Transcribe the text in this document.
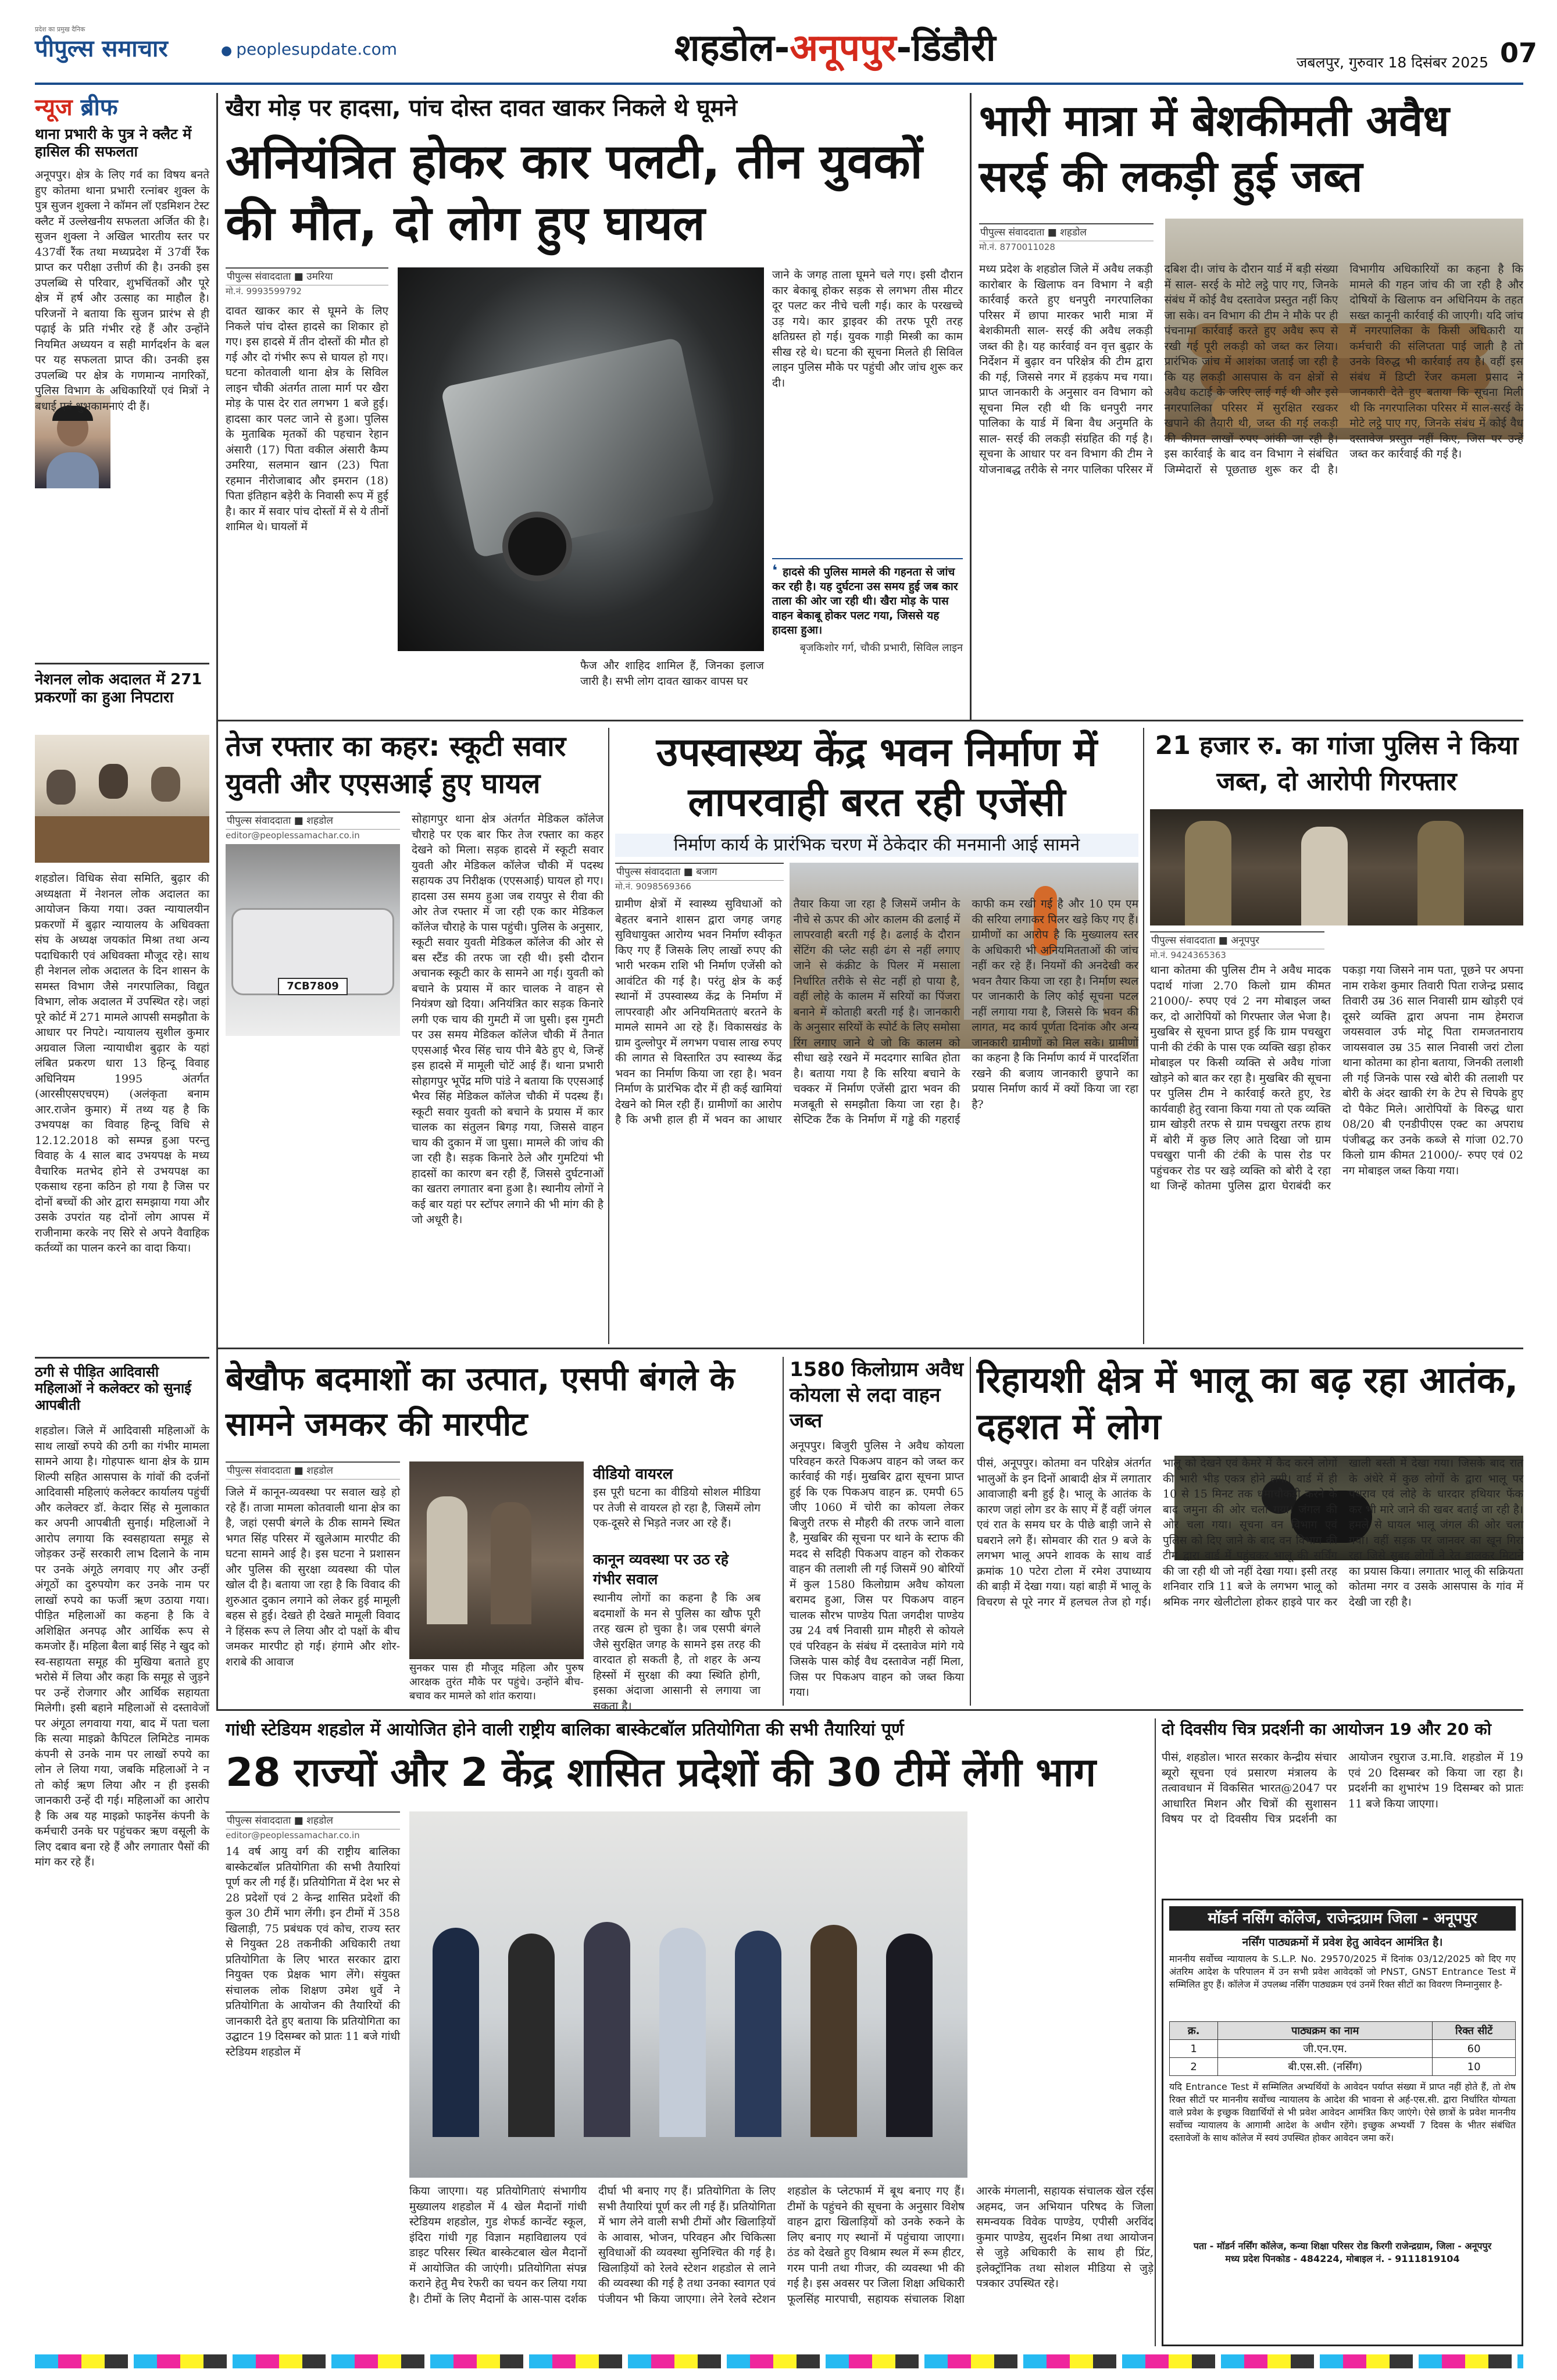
प्रदेश का प्रमुख दैनिक
पीपुल्स समाचार	● peoplesupdate.com	शहडोल-अनूपपुर-डिंडौरी	जबलपुर, गुरुवार 18 दिसंबर 2025 07
न्यूज ब्रीफ
थाना प्रभारी के पुत्र ने क्लैट में हासिल की सफलता
अनूपपुर। क्षेत्र के लिए गर्व का विषय बनते हुए कोतमा थाना प्रभारी रत्नांबर शुक्ल के पुत्र सुजन शुक्ला ने कॉमन लॉ एडमिशन टेस्ट क्लैट में उल्लेखनीय सफलता अर्जित की है। सुजन शुक्ला ने अखिल भारतीय स्तर पर 437वीं रैंक तथा मध्यप्रदेश में 37वीं रैंक प्राप्त कर परीक्षा उत्तीर्ण की है। उनकी इस उपलब्धि से परिवार, शुभचिंतकों और पूरे क्षेत्र में हर्ष और उत्साह का माहौल है। परिजनों ने बताया कि सुजन प्रारंभ से ही पढ़ाई के प्रति गंभीर रहे हैं और उन्होंने नियमित अध्ययन व सही मार्गदर्शन के बल पर यह सफलता प्राप्त की। उनकी इस उपलब्धि पर क्षेत्र के गणमान्य नागरिकों, पुलिस विभाग के अधिकारियों एवं मित्रों ने बधाई एवं शुभकामनाएं दी हैं।
नेशनल लोक अदालत में 271 प्रकरणों का हुआ निपटारा
शहडोल। विधिक सेवा समिति, बुढ़ार की अध्यक्षता में नेशनल लोक अदालत का आयोजन किया गया। उक्त न्यायालयीन प्रकरणों में बुढ़ार न्यायालय के अधिवक्ता संघ के अध्यक्ष जयकांत मिश्रा तथा अन्य पदाधिकारी एवं अधिवक्ता मौजूद रहे। साथ ही नेशनल लोक अदालत के दिन शासन के समस्त विभाग जैसे नगरपालिका, विद्युत विभाग, लोक अदालत में उपस्थित रहे। जहां पूरे कोर्ट में 271 मामले आपसी समझौता के आधार पर निपटे। न्यायालय सुशील कुमार अग्रवाल जिला न्यायाधीश बुढ़ार के यहां लंबित प्रकरण धारा 13 हिन्दू विवाह अधिनियम 1995 अंतर्गत (आरसीएसएचएम) (अलंकृता बनाम आर.राजेन कुमार) में तथ्य यह है कि उभयपक्ष का विवाह हिन्दू विधि से 12.12.2018 को सम्पन्न हुआ परन्तु विवाह के 4 साल बाद उभयपक्ष के मध्य वैचारिक मतभेद होने से उभयपक्ष का एकसाथ रहना कठिन हो गया है जिस पर दोनों बच्चों की ओर द्वारा समझाया गया और उसके उपरांत यह दोनों लोग आपस में राजीनामा करके नए सिरे से अपने वैवाहिक कर्तव्यों का पालन करने का वादा किया।
ठगी से पीड़ित आदिवासी महिलाओं ने कलेक्टर को सुनाई आपबीती
शहडोल। जिले में आदिवासी महिलाओं के साथ लाखों रुपये की ठगी का गंभीर मामला सामने आया है। गोहपारू थाना क्षेत्र के ग्राम शिल्पी सहित आसपास के गांवों की दर्जनों आदिवासी महिलाएं कलेक्टर कार्यालय पहुंचीं और कलेक्टर डॉ. केदार सिंह से मुलाकात कर अपनी आपबीती सुनाई। महिलाओं ने आरोप लगाया कि स्वसहायता समूह से जोड़कर उन्हें सरकारी लाभ दिलाने के नाम पर उनके अंगूठे लगवाए गए और उन्हीं अंगूठों का दुरुपयोग कर उनके नाम पर लाखों रुपये का फर्जी ऋण उठाया गया। पीड़ित महिलाओं का कहना है कि वे अशिक्षित अनपढ़ और आर्थिक रूप से कमजोर हैं। महिला बैला बाई सिंह ने खुद को स्व-सहायता समूह की मुखिया बताते हुए भरोसे में लिया और कहा कि समूह से जुड़ने पर उन्हें रोजगार और आर्थिक सहायता मिलेगी। इसी बहाने महिलाओं से दस्तावेजों पर अंगूठा लगवाया गया, बाद में पता चला कि सत्या माइक्रो कैपिटल लिमिटेड नामक कंपनी से उनके नाम पर लाखों रुपये का लोन ले लिया गया, जबकि महिलाओं ने न तो कोई ऋण लिया और न ही इसकी जानकारी उन्हें दी गई। महिलाओं का आरोप है कि अब यह माइक्रो फाइनेंस कंपनी के कर्मचारी उनके घर पहुंचकर ऋण वसूली के लिए दबाव बना रहे हैं और लगातार पैसों की मांग कर रहे हैं।
खैरा मोड़ पर हादसा, पांच दोस्त दावत खाकर निकले थे घूमने
अनियंत्रित होकर कार पलटी, तीन युवकों की मौत, दो लोग हुए घायल
पीपुल्स संवाददाता ■ उमरिया
मो.नं. 9993599792
दावत खाकर कार से घूमने के लिए निकले पांच दोस्त हादसे का शिकार हो गए। इस हादसे में तीन दोस्तों की मौत हो गई और दो गंभीर रूप से घायल हो गए। घटना कोतवाली थाना क्षेत्र के सिविल लाइन चौकी अंतर्गत ताला मार्ग पर खैरा मोड़ के पास देर रात लगभग 1 बजे हुई। हादसा कार पलट जाने से हुआ। पुलिस के मुताबिक मृतकों की पहचान रेहान अंसारी (17) पिता वकील अंसारी कैम्प उमरिया, सलमान खान (23) पिता रहमान नीरोजाबाद और इमरान (18) पिता इंतिहान बड़ेरी के निवासी रूप में हुई है। कार में सवार पांच दोस्तों में से ये तीनों शामिल थे। घायलों में
फैज और शाहिद शामिल हैं, जिनका इलाज जारी है। सभी लोग दावत खाकर वापस घर
जाने के जगह ताला घूमने चले गए। इसी दौरान कार बेकाबू होकर सड़क से लगभग तीस मीटर दूर पलट कर नीचे चली गई। कार के परखच्चे उड़ गये। कार ड्राइवर की तरफ पूरी तरह क्षतिग्रस्त हो गई। युवक गाड़ी मिस्त्री का काम सीख रहे थे। घटना की सूचना मिलते ही सिविल लाइन पुलिस मौके पर पहुंची और जांच शुरू कर दी।
❛ हादसे की पुलिस मामले की गहनता से जांच कर रही है। यह दुर्घटना उस समय हुई जब कार ताला की ओर जा रही थी। खैरा मोड़ के पास वाहन बेकाबू होकर पलट गया, जिससे यह हादसा हुआ।
बृजकिशोर गर्ग, चौकी प्रभारी, सिविल लाइन
भारी मात्रा में बेशकीमती अवैध सरई की लकड़ी हुई जब्त
पीपुल्स संवाददाता ■ शहडोल
मो.नं. 8770011028
मध्य प्रदेश के शहडोल जिले में अवैध लकड़ी कारोबार के खिलाफ वन विभाग ने बड़ी कार्रवाई करते हुए धनपुरी नगरपालिका परिसर में छापा मारकर भारी मात्रा में बेशकीमती साल- सरई की अवैध लकड़ी जब्त की है। यह कार्रवाई वन वृत्त बुढ़ार के निर्देशन में बुढ़ार वन परिक्षेत्र की टीम द्वारा की गई, जिससे नगर में हड़कंप मच गया। प्राप्त जानकारी के अनुसार वन विभाग को सूचना मिल रही थी कि धनपुरी नगर पालिका के यार्ड में बिना वैध अनुमति के साल- सरई की लकड़ी संग्रहित की गई है। सूचना के आधार पर वन विभाग की टीम ने योजनाबद्ध तरीके से नगर पालिका परिसर में दबिश दी। जांच के दौरान यार्ड में बड़ी संख्या में साल- सरई के मोटे लट्ठे पाए गए, जिनके संबंध में कोई वैध दस्तावेज प्रस्तुत नहीं किए जा सके। वन विभाग की टीम ने मौके पर ही पंचनामा कार्रवाई करते हुए अवैध रूप से रखी गई पूरी लकड़ी को जब्त कर लिया। प्रारंभिक जांच में आशंका जताई जा रही है कि यह लकड़ी आसपास के वन क्षेत्रों से अवैध कटाई के जरिए लाई गई थी और इसे नगरपालिका परिसर में सुरक्षित रखकर खपाने की तैयारी थी, जब्त की गई लकड़ी की कीमत लाखों रुपए आंकी जा रही है। इस कार्रवाई के बाद वन विभाग ने संबंधित जिम्मेदारों से पूछताछ शुरू कर दी है। विभागीय अधिकारियों का कहना है कि मामले की गहन जांच की जा रही है और दोषियों के खिलाफ वन अधिनियम के तहत सख्त कानूनी कार्रवाई की जाएगी। यदि जांच में नगरपालिका के किसी अधिकारी या कर्मचारी की संलिप्तता पाई जाती है तो उनके विरुद्ध भी कार्रवाई तय है। वहीं इस संबंध में डिप्टी रेंजर कमला प्रसाद ने जानकारी देते हुए बताया कि सूचना मिली थी कि नगरपालिका परिसर में साल-सरई के मोटे लट्ठे पाए गए, जिनके संबंध में कोई वैध दस्तावेज प्रस्तुत नहीं किए, जिस पर उन्हें जब्त कर कार्रवाई की गई है।
तेज रफ्तार का कहर: स्कूटी सवार युवती और एएसआई हुए घायल
पीपुल्स संवाददाता ■ शहडोल
editor@peoplessamachar.co.in
7CB7809
सोहागपुर थाना क्षेत्र अंतर्गत मेडिकल कॉलेज चौराहे पर एक बार फिर तेज रफ्तार का कहर देखने को मिला। सड़क हादसे में स्कूटी सवार युवती और मेडिकल कॉलेज चौकी में पदस्थ सहायक उप निरीक्षक (एएसआई) घायल हो गए। हादसा उस समय हुआ जब रायपुर से रीवा की ओर तेज रफ्तार में जा रही एक कार मेडिकल कॉलेज चौराहे के पास पहुंची। पुलिस के अनुसार, स्कूटी सवार युवती मेडिकल कॉलेज की ओर से बस स्टैंड की तरफ जा रही थी। इसी दौरान अचानक स्कूटी कार के सामने आ गई। युवती को बचाने के प्रयास में कार चालक ने वाहन से नियंत्रण खो दिया। अनियंत्रित कार सड़क किनारे लगी एक चाय की गुमटी में जा घुसी। इस गुमटी पर उस समय मेडिकल कॉलेज चौकी में तैनात एएसआई भैरव सिंह चाय पीने बैठे हुए थे, जिन्हें इस हादसे में मामूली चोटें आई हैं। थाना प्रभारी सोहागपुर भूपेंद्र मणि पांडे ने बताया कि एएसआई भैरव सिंह मेडिकल कॉलेज चौकी में पदस्थ हैं। स्कूटी सवार युवती को बचाने के प्रयास में कार चालक का संतुलन बिगड़ गया, जिससे वाहन चाय की दुकान में जा घुसा। मामले की जांच की जा रही है। सड़क किनारे ठेले और गुमटियां भी हादसों का कारण बन रही हैं, जिससे दुर्घटनाओं का खतरा लगातार बना हुआ है। स्थानीय लोगों ने कई बार यहां पर स्टॉपर लगाने की भी मांग की है जो अधूरी है।
उपस्वास्थ्य केंद्र भवन निर्माण में लापरवाही बरत रही एजेंसी
निर्माण कार्य के प्रारंभिक चरण में ठेकेदार की मनमानी आई सामने
पीपुल्स संवाददाता ■ बजाग
मो.नं. 9098569366
ग्रामीण क्षेत्रों में स्वास्थ्य सुविधाओं को बेहतर बनाने शासन द्वारा जगह जगह सुविधायुक्त आरोग्य भवन निर्माण स्वीकृत किए गए हैं जिसके लिए लाखों रुपए की भारी भरकम राशि भी निर्माण एजेंसी को आवंटित की गई है। परंतु क्षेत्र के कई स्थानों में उपस्वास्थ्य केंद्र के निर्माण में लापरवाही और अनियमितताएं बरतने के मामले सामने आ रहे हैं। विकासखंड के ग्राम दुल्लोपुर में लगभग पचास लाख रुपए की लागत से विस्तारित उप स्वास्थ्य केंद्र भवन का निर्माण किया जा रहा है। भवन निर्माण के प्रारंभिक दौर में ही कई खामियां देखने को मिल रही हैं। ग्रामीणों का आरोप है कि अभी हाल ही में भवन का आधार तैयार किया जा रहा है जिसमें जमीन के नीचे से ऊपर की ओर कालम की ढलाई में लापरवाही बरती गई है। ढलाई के दौरान सेंटिंग की प्लेट सही ढंग से नहीं लगाए जाने से कंक्रीट के पिलर में मसाला निर्धारित तरीके से सेट नहीं हो पाया है, वहीं लोहे के कालम में सरियों का पिंजरा बनाने में कोताही बरती गई है। जानकारी के अनुसार सरियों के स्पोर्ट के लिए समोसा रिंग लगाए जाने थे जो कि कालम को सीधा खड़े रखने में मददगार साबित होता है। बताया गया है कि सरिया बचाने के चक्कर में निर्माण एजेंसी द्वारा भवन की मजबूती से समझौता किया जा रहा है। सेप्टिक टैंक के निर्माण में गड्ढे की गहराई काफी कम रखी गई है और 10 एम एम की सरिया लगाकर पिलर खड़े किए गए हैं। ग्रामीणों का आरोप है कि मुख्यालय स्तर के अधिकारी भी अनियमितताओं की जांच नहीं कर रहे हैं। नियमों की अनदेखी कर भवन तैयार किया जा रहा है। निर्माण स्थल पर जानकारी के लिए कोई सूचना पटल नहीं लगाया गया है, जिससे कि भवन की लागत, मद कार्य पूर्णता दिनांक और अन्य जानकारी ग्रामीणों को मिल सके। ग्रामीणों का कहना है कि निर्माण कार्य में पारदर्शिता रखने की बजाय जानकारी छुपाने का प्रयास निर्माण कार्य में क्यों किया जा रहा है?
21 हजार रु. का गांजा पुलिस ने किया जब्त, दो आरोपी गिरफ्तार
पीपुल्स संवाददाता ■ अनूपपुर
मो.नं. 9424365363
थाना कोतमा की पुलिस टीम ने अवैध मादक पदार्थ गांजा 2.70 किलो ग्राम कीमत 21000/- रुपए एवं 2 नग मोबाइल जब्त कर, दो आरोपियों को गिरफ्तार जेल भेजा है। मुखबिर से सूचना प्राप्त हुई कि ग्राम पचखुरा पानी की टंकी के पास एक व्यक्ति खड़ा होकर मोबाइल पर किसी व्यक्ति से अवैध गांजा खोड़ने को बात कर रहा है। मुखबिर की सूचना पर पुलिस टीम ने कार्रवाई करते हुए, रेड कार्यवाही हेतु रवाना किया गया तो एक व्यक्ति ग्राम खोड़री तरफ से ग्राम पचखुरा तरफ हाथ में बोरी में कुछ लिए आते दिखा जो ग्राम पचखुरा पानी की टंकी के पास रोड पर पहुंचकर रोड पर खड़े व्यक्ति को बोरी दे रहा था जिन्हें कोतमा पुलिस द्वारा घेराबंदी कर पकड़ा गया जिसने नाम पता, पूछने पर अपना नाम राकेश कुमार तिवारी पिता राजेन्द्र प्रसाद तिवारी उम्र 36 साल निवासी ग्राम खोड़री एवं दूसरे व्यक्ति द्वारा अपना नाम हेमराज जयसवाल उर्फ मोटू पिता रामजतनाराय जायसवाल उम्र 35 साल निवासी जरां टोला थाना कोतमा का होना बताया, जिनकी तलाशी ली गई जिनके पास रखे बोरी की तलाशी पर बोरी के अंदर खाकी रंग के टेप से चिपके हुए दो पैकेट मिले। आरोपियों के विरुद्ध धारा 08/20 बी एनडीपीएस एक्ट का अपराध पंजीबद्ध कर उनके कब्जे से गांजा 02.70 किलो ग्राम कीमत 21000/- रुपए एवं 02 नग मोबाइल जब्त किया गया।
बेखौफ बदमाशों का उत्पात, एसपी बंगले के सामने जमकर की मारपीट
पीपुल्स संवाददाता ■ शहडोल
जिले में कानून-व्यवस्था पर सवाल खड़े हो रहे हैं। ताजा मामला कोतवाली थाना क्षेत्र का है, जहां एसपी बंगले के ठीक सामने स्थित भगत सिंह परिसर में खुलेआम मारपीट की घटना सामने आई है। इस घटना ने प्रशासन और पुलिस की सुरक्षा व्यवस्था की पोल खोल दी है। बताया जा रहा है कि विवाद की शुरुआत दुकान लगाने को लेकर हुई मामूली बहस से हुई। देखते ही देखते मामूली विवाद ने हिंसक रूप ले लिया और दो पक्षों के बीच जमकर मारपीट हो गई। हंगामे और शोर-शराबे की आवाज	सुनकर पास ही मौजूद महिला और पुरुष आरक्षक तुरंत मौके पर पहुंचे। उन्होंने बीच-बचाव कर मामले को शांत कराया।
वीडियो वायरल
इस पूरी घटना का वीडियो सोशल मीडिया पर तेजी से वायरल हो रहा है, जिसमें लोग एक-दूसरे से भिड़ते नजर आ रहे हैं।
कानून व्यवस्था पर उठ रहे गंभीर सवाल
स्थानीय लोगों का कहना है कि अब बदमाशों के मन से पुलिस का खौफ पूरी तरह खत्म हो चुका है। जब एसपी बंगले जैसे सुरक्षित जगह के सामने इस तरह की वारदात हो सकती है, तो शहर के अन्य हिस्सों में सुरक्षा की क्या स्थिति होगी, इसका अंदाजा आसानी से लगाया जा सकता है।
1580 किलोग्राम अवैध कोयला से लदा वाहन जब्त
अनूपपुर। बिजुरी पुलिस ने अवैध कोयला परिवहन करते पिकअप वाहन को जब्त कर कार्रवाई की गई। मुखबिर द्वारा सूचना प्राप्त हुई कि एक पिकअप वाहन क्र. एमपी 65 जीए 1060 में चोरी का कोयला लेकर बिजुरी तरफ से मौहरी की तरफ जाने वाला है, मुखबिर की सूचना पर थाने के स्टाफ की मदद से सदिही पिकअप वाहन को रोककर वाहन की तलाशी ली गई जिसमें 90 बोरियों में कुल 1580 किलोग्राम अवैध कोयला बरामद हुआ, जिस पर पिकअप वाहन चालक सौरभ पाण्डेय पिता जगदीश पाण्डेय उम्र 24 वर्ष निवासी ग्राम मौहरी से कोयले एवं परिवहन के संबंध में दस्तावेज मांगे गये जिसके पास कोई वैध दस्तावेज नहीं मिला, जिस पर पिकअप वाहन को जब्त किया गया।
रिहायशी क्षेत्र में भालू का बढ़ रहा आतंक, दहशत में लोग
पीसं, अनूपपुर। कोतमा वन परिक्षेत्र अंतर्गत भालुओं के इन दिनों आबादी क्षेत्र में लगातार आवाजाही बनी हुई है। भालू के आतंक के कारण जहां लोग डर के साए में हैं वहीं जंगल एवं रात के समय घर के पीछे बाड़ी जाने से घबराने लगे हैं। सोमवार की रात 9 बजे के लगभग भालू अपने शावक के साथ वार्ड क्रमांक 10 पटेरा टोला में रमेश उपाध्याय की बाड़ी में देखा गया। यहां बाड़ी में भालू के विचरण से पूरे नगर में हलचल तेज हो गई। भालू को देखने एवं कैमरे में कैद करने लोगों की भारी भीड़ एकत्र होने लगी। वार्ड में ही 10 से 15 मिनट तक धमाचौकड़ी करने के बाद जमुना की ओर चला गया। जंगल की ओर चला गया। सूचना वन विभाग एवं पुलिस को दिए जाने के बाद वन विभाग की टीम द्वारा वार्ड में पहुंचकर भालू की सर्चिंग की जा रही थी जो नहीं देखा गया। इसी तरह शनिवार रात्रि 11 बजे के लगभग भालू को श्रमिक नगर खेलीटोला होकर हाइवे पार कर खाली बस्ती में देखा गया। जिसके बाद रात के अंधेरे में कुछ लोगों के द्वारा भालू पर पथराव एवं लोहे के धारदार हथियार फेंक कर भी मारे जाने की खबर बताई जा रही है। हमले से घायल भालू जंगल की ओर चला गया। वहीं सड़क पर जानवर का खून गिरा रहा जिसे सुबह लोगों ने रेत डालकर मिटाने का प्रयास किया। लगातार भालू की सक्रियता कोतमा नगर व उसके आसपास के गांव में देखी जा रही है।
गांधी स्टेडियम शहडोल में आयोजित होने वाली राष्ट्रीय बालिका बास्केटबॉल प्रतियोगिता की सभी तैयारियां पूर्ण
28 राज्यों और 2 केंद्र शासित प्रदेशों की 30 टीमें लेंगी भाग
पीपुल्स संवाददाता ■ शहडोल
editor@peoplessamachar.co.in
14 वर्ष आयु वर्ग की राष्ट्रीय बालिका बास्केटबॉल प्रतियोगिता की सभी तैयारियां पूर्ण कर ली गई हैं। प्रतियोगिता में देश भर से 28 प्रदेशों एवं 2 केन्द्र शासित प्रदेशों की कुल 30 टीमें भाग लेंगी। इन टीमों में 358 खिलाड़ी, 75 प्रबंधक एवं कोच, राज्य स्तर से नियुक्त 28 तकनीकी अधिकारी तथा प्रतियोगिता के लिए भारत सरकार द्वारा नियुक्त एक प्रेक्षक भाग लेंगे। संयुक्त संचालक लोक शिक्षण उमेश धुर्वे ने प्रतियोगिता के आयोजन की तैयारियों की जानकारी देते हुए बताया कि प्रतियोगिता का उद्घाटन 19 दिसम्बर को प्रातः 11 बजे गांधी स्टेडियम शहडोल में
किया जाएगा। यह प्रतियोगिताएं संभागीय मुख्यालय शहडोल में 4 खेल मैदानों गांधी स्टेडियम शहडोल, गुड शेफर्ड कान्वेंट स्कूल, इंदिरा गांधी गृह विज्ञान महाविद्यालय एवं डाइट परिसर स्थित बास्केटबाल खेल मैदानों में आयोजित की जाएंगी। प्रतियोगिता संपन्न कराने हेतु मैच रेफरी का चयन कर लिया गया है। टीमों के लिए मैदानों के आस-पास दर्शक दीर्घा भी बनाए गए हैं। प्रतियोगिता के लिए सभी तैयारियां पूर्ण कर ली गई हैं। प्रतियोगिता में भाग लेने वाली सभी टीमों और खिलाड़ियों के आवास, भोजन, परिवहन और चिकित्सा सुविधाओं की व्यवस्था सुनिश्चित की गई है। खिलाड़ियों को रेलवे स्टेशन शहडोल से लाने की व्यवस्था की गई है तथा उनका स्वागत एवं पंजीयन भी किया जाएगा। लेने रेलवे स्टेशन शहडोल के प्लेटफार्म में बूथ बनाए गए हैं। टीमों के पहुंचने की सूचना के अनुसार विशेष वाहन द्वारा खिलाड़ियों को उनके रुकने के लिए बनाए गए स्थानों में पहुंचाया जाएगा। ठंड को देखते हुए विश्राम स्थल में रूम हीटर, गरम पानी तथा गीजर, की व्यवस्था भी की गई है। इस अवसर पर जिला शिक्षा अधिकारी फूलसिंह मारपाची, सहायक संचालक शिक्षा आरके मंगलानी, सहायक संचालक खेल रईस अहमद, जन अभियान परिषद के जिला समन्वयक विवेक पाण्डेय, एपीसी अरविंद कुमार पाण्डेय, सुदर्शन मिश्रा तथा आयोजन से जुड़े अधिकारी के साथ ही प्रिंट, इलेक्ट्रॉनिक तथा सोशल मीडिया से जुड़े पत्रकार उपस्थित रहे।
दो दिवसीय चित्र प्रदर्शनी का आयोजन 19 और 20 को
पीसं, शहडोल। भारत सरकार केन्द्रीय संचार ब्यूरो सूचना एवं प्रसारण मंत्रालय के तत्वावधान में विकसित भारत@2047 पर आधारित मिशन और चित्रों की सुशासन विषय पर दो दिवसीय चित्र प्रदर्शनी का आयोजन रघुराज उ.मा.वि. शहडोल में 19 एवं 20 दिसम्बर को किया जा रहा है। प्रदर्शनी का शुभारंभ 19 दिसम्बर को प्रातः 11 बजे किया जाएगा।
मॉडर्न नर्सिंग कॉलेज, राजेन्द्रग्राम जिला - अनूपपुर
नर्सिंग पाठ्यक्रमों में प्रवेश हेतु आवेदन आमंत्रित है।
माननीय सर्वोच्च न्यायालय के S.L.P. No. 29570/2025 में दिनांक 03/12/2025 को दिए गए अंतरिम आदेश के परिपालन में उन सभी प्रवेश आवेदकों जो PNST, GNST Entrance Test में सम्मिलित हुए हैं। कॉलेज में उपलब्ध नर्सिंग पाठ्यक्रम एवं उनमें रिक्त सीटों का विवरण निम्नानुसार है-
क्र.	पाठ्यक्रम का नाम	रिक्त सीटें
1	जी.एन.एम.	60
2	बी.एस.सी. (नर्सिंग)	10
यदि Entrance Test में सम्मिलित अभ्यर्थियों के आवेदन पर्याप्त संख्या में प्राप्त नहीं होते हैं, तो शेष रिक्त सीटों पर माननीय सर्वोच्च न्यायालय के आदेश की भावना से अर्ह-एस.सी. द्वारा निर्धारित योग्यता वाले प्रवेश के इच्छुक विद्यार्थियों से भी प्रवेश आवेदन आमंत्रित किए जाएंगे। ऐसे छात्रों के प्रवेश माननीय सर्वोच्च न्यायालय के आगामी आदेश के अधीन रहेंगे। इच्छुक अभ्यर्थी 7 दिवस के भीतर संबंधित दस्तावेजों के साथ कॉलेज में स्वयं उपस्थित होकर आवेदन जमा करें।
पता - मॉडर्न नर्सिंग कॉलेज, कन्या शिक्षा परिसर रोड किरगी राजेन्द्रग्राम, जिला - अनूपपुर
मध्य प्रदेश पिनकोड - 484224, मोबाइल नं. - 9111819104
